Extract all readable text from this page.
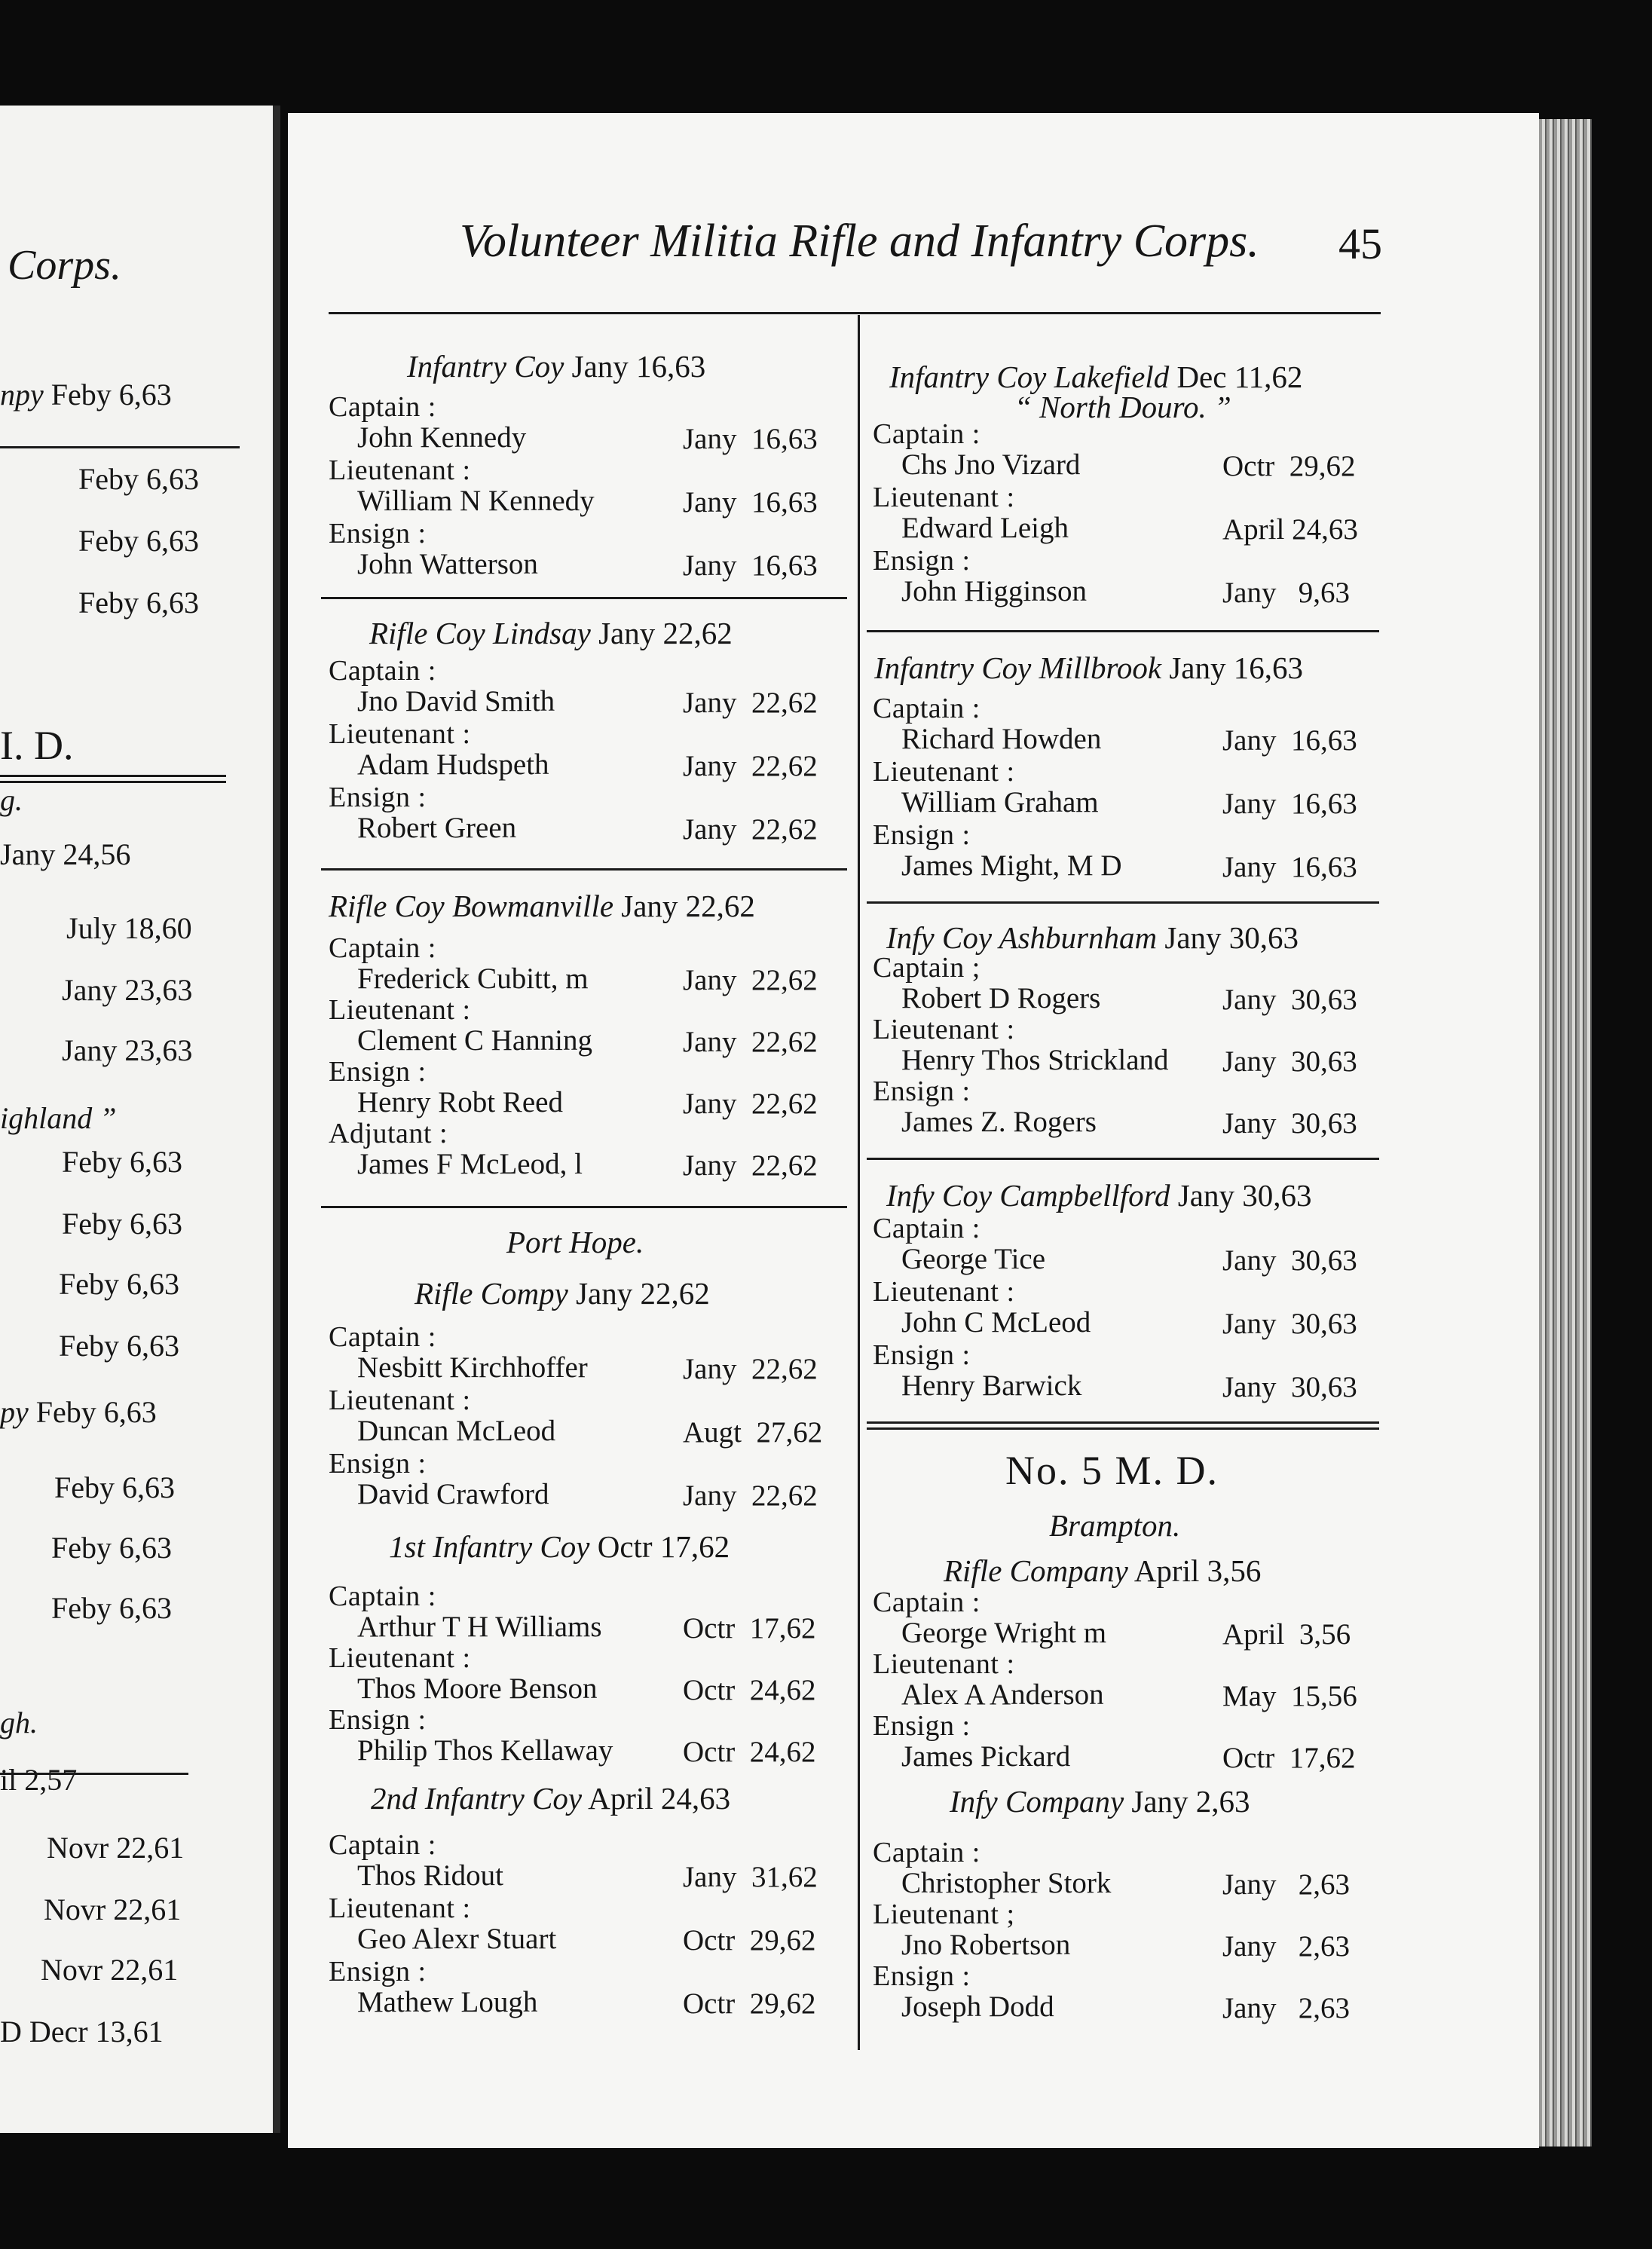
Corps.
npy Feby 6,63
Feby 6,63
Feby 6,63
Feby 6,63
I. D.
g.
Jany 24,56
July 18,60
Jany 23,63
Jany 23,63
ighland ”
Feby 6,63
Feby 6,63
Feby 6,63
Feby 6,63
py Feby 6,63
Feby 6,63
Feby 6,63
Feby 6,63
gh.
il 2,57
Novr 22,61
Novr 22,61
Novr 22,61
D Decr 13,61
Volunteer Militia Rifle and Infantry Corps. 45
Infantry Coy Jany 16,63
Captain :
John Kennedy	Jany  16,63
Lieutenant :
William N Kennedy	Jany  16,63
Ensign :
John Watterson	Jany  16,63
Rifle Coy Lindsay Jany 22,62
Captain :
Jno David Smith	Jany  22,62
Lieutenant :
Adam Hudspeth	Jany  22,62
Ensign :
Robert Green	Jany  22,62
Rifle Coy Bowmanville Jany 22,62
Captain :
Frederick Cubitt, m	Jany  22,62
Lieutenant :
Clement C Hanning	Jany  22,62
Ensign :
Henry Robt Reed	Jany  22,62
Adjutant :
James F McLeod, l	Jany  22,62
Port Hope.
Rifle Compy Jany 22,62
Captain :
Nesbitt Kirchhoffer	Jany  22,62
Lieutenant :
Duncan McLeod	Augt  27,62
Ensign :
David Crawford	Jany  22,62
1st Infantry Coy Octr 17,62
Captain :
Arthur T H Williams	Octr  17,62
Lieutenant :
Thos Moore Benson	Octr  24,62
Ensign :
Philip Thos Kellaway Octr  24,62
2nd Infantry Coy April 24,63
Captain :
Thos Ridout	Jany  31,62
Lieutenant :
Geo Alexr Stuart	Octr  29,62
Ensign :
Mathew Lough	Octr  29,62
Infantry Coy Lakefield Dec 11,62
“ North Douro. ”
Captain :
Chs Jno Vizard	Octr  29,62
Lieutenant :
Edward Leigh	April 24,63
Ensign :
John Higginson	Jany   9,63
Infantry Coy Millbrook Jany 16,63
Captain :
Richard Howden	Jany  16,63
Lieutenant :
William Graham	Jany  16,63
Ensign :
James Might, M D	Jany  16,63
Infy Coy Ashburnham Jany 30,63
Captain ;
Robert D Rogers	Jany  30,63
Lieutenant :
Henry Thos Strickland Jany  30,63
Ensign :
James Z. Rogers	Jany  30,63
Infy Coy Campbellford Jany 30,63
Captain :
George Tice	Jany  30,63
Lieutenant :
John C McLeod	Jany  30,63
Ensign :
Henry Barwick	Jany  30,63
No. 5 M. D.
Brampton.
Rifle Company April 3,56
Captain :
George Wright m	April  3,56
Lieutenant :
Alex A Anderson	May  15,56
Ensign :
James Pickard	Octr  17,62
Infy Company Jany 2,63
Captain :
Christopher Stork	Jany   2,63
Lieutenant ;
Jno Robertson	Jany   2,63
Ensign :
Joseph Dodd	Jany   2,63
